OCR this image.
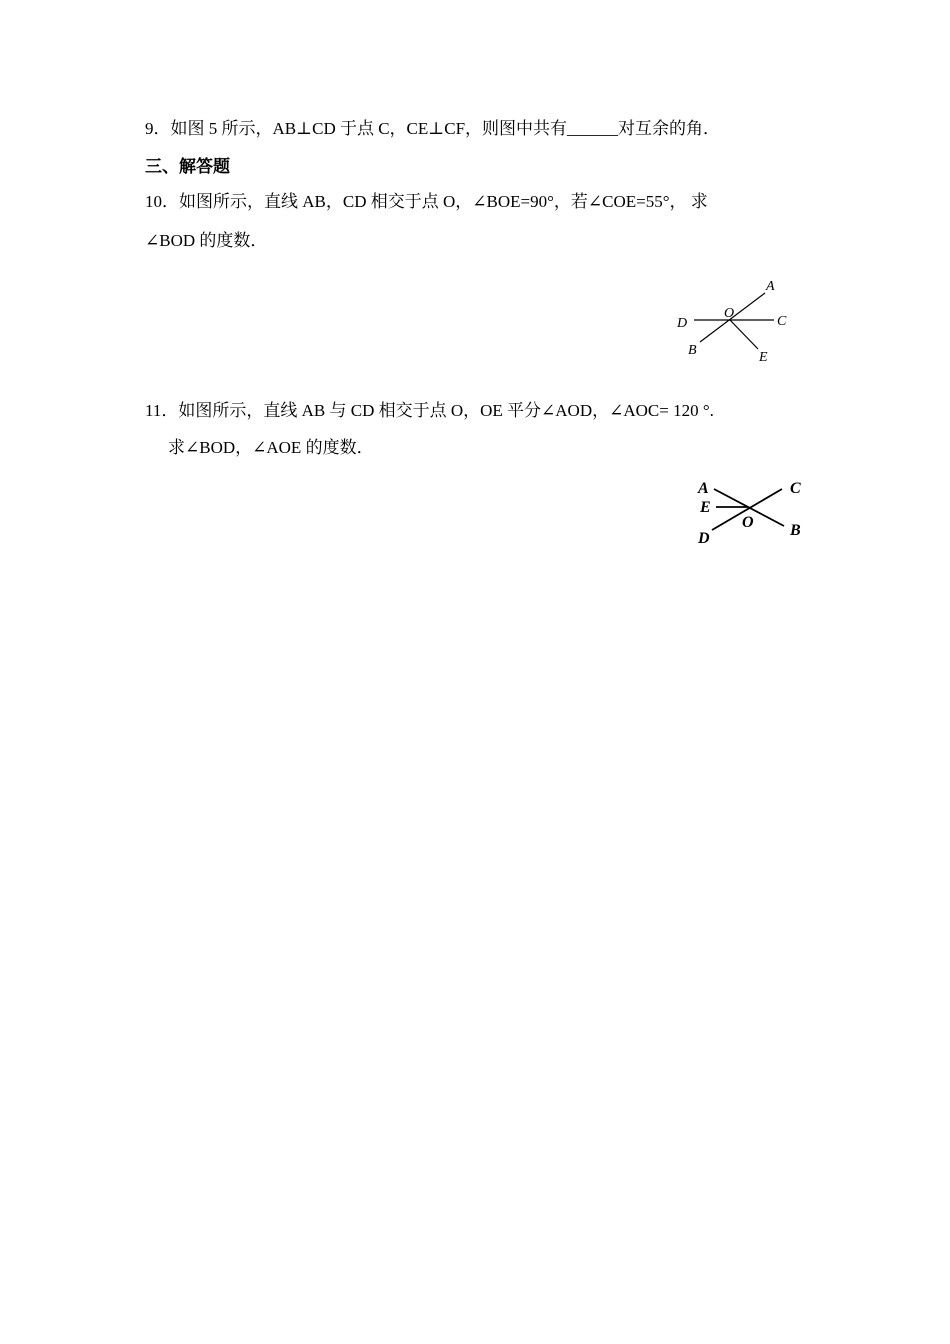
9．如图 5 所示，AB⊥CD 于点 C，CE⊥CF，则图中共有______对互余的角．
三、解答题
10．如图所示，直线 AB，CD 相交于点 O，∠BOE=90°，若∠COE=55°， 求
∠BOD 的度数．
A
O
D	C
B	E
11．如图所示，直线 AB 与 CD 相交于点 O，OE 平分∠AOD，∠AOC= 120 °.
求∠BOD，∠AOE 的度数．
A	C
E
O B
D
